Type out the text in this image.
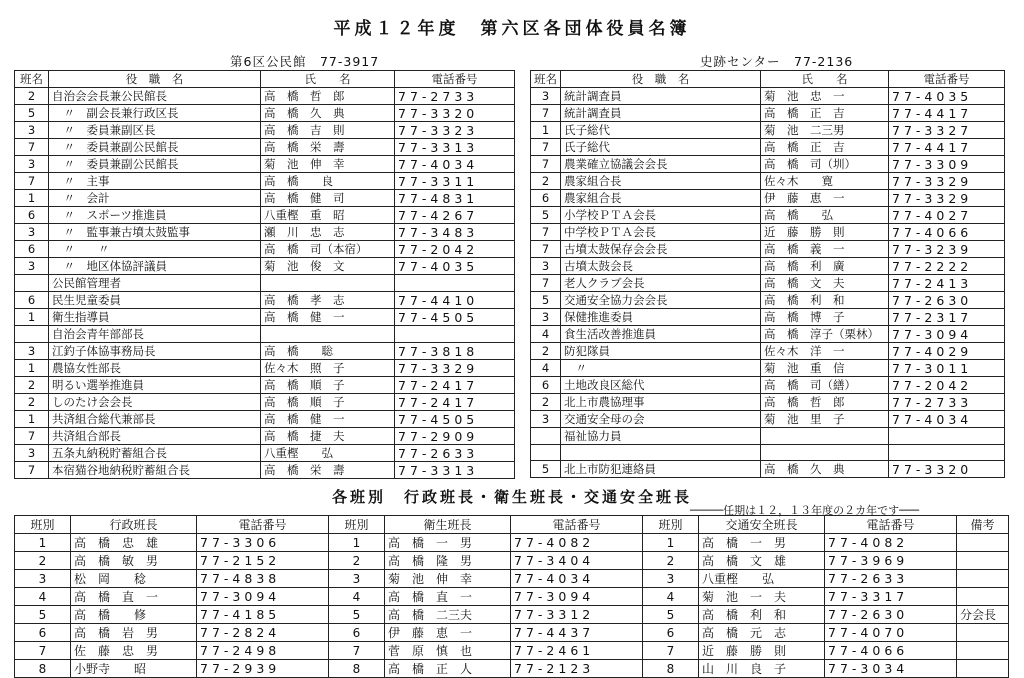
平成１２年度　第六区各団体役員名簿
第6区公民館　77-3917	史跡センター　77-2136
班名	役　職　名	氏　　名	電話番号
2	自治会会長兼公民館長	高　橋　哲　郎	77-2733
5	　〃　副会長兼行政区長	高　橋　久　典	77-3320
3	　〃　委員兼副区長	高　橋　吉　則	77-3323
7	　〃　委員兼副公民館長	高　橋　栄　壽	77-3313
3	　〃　委員兼副公民館長	菊　池　伸　幸	77-4034
7	　〃　主事	高　橋　　良	77-3311
1	　〃　会計	高　橋　健　司	77-4831
6	　〃　スポーツ推進員	八重樫　重　昭	77-4267
3	　〃　監事兼古墳太鼓監事	瀬　川　忠　志	77-3483
6	　〃　　〃	高　橋　司（本宿）	77-2042
3	　〃　地区体協評議員	菊　池　俊　文	77-4035
	公民館管理者		
6	民生児童委員	高　橋　孝　志	77-4410
1	衛生指導員	高　橋　健　一	77-4505
	自治会青年部部長		
3	江釣子体協事務局長	高　橋　　聡	77-3818
1	農協女性部長	佐々木　照　子	77-3329
2	明るい選挙推進員	高　橋　順　子	77-2417
2	しのたけ会会長	高　橋　順　子	77-2417
1	共済組合総代兼部長	高　橋　健　一	77-4505
7	共済組合部長	高　橋　捷　夫	77-2909
3	五条丸納税貯蓄組合長	八重樫　　弘	77-2633
7	本宿猫谷地納税貯蓄組合長	高　橋　栄　壽	77-3313
班名	役　職　名	氏　　名	電話番号
3	統計調査員	菊　池　忠　一	77-4035
7	統計調査員	高　橋　正　吉	77-4417
1	氏子総代	菊　池　二三男	77-3327
7	氏子総代	高　橋　正　吉	77-4417
7	農業確立協議会会長	高　橋　司（圳）	77-3309
2	農家組合長	佐々木　　寛	77-3329
6	農家組合長	伊　藤　恵　一	77-3329
5	小学校ＰＴＡ会長	高　橋　　弘	77-4027
7	中学校ＰＴＡ会長	近　藤　勝　則	77-4066
7	古墳太鼓保存会会長	高　橋　義　一	77-3239
3	古墳太鼓会長	高　橋　利　廣	77-2222
7	老人クラブ会長	高　橋　文　夫	77-2413
5	交通安全協力会会長	高　橋　利　和	77-2630
3	保健推進委員	高　橋　博　子	77-2317
4	食生活改善推進員	高　橋　淳子（栗林）	77-3094
2	防犯隊員	佐々木　洋　一	77-4029
4	　〃	菊　池　重　信	77-3011
6	土地改良区総代	高　橋　司（繕）	77-2042
2	北上市農協理事	高　橋　哲　郎	77-2733
3	交通安全母の会	菊　池　里　子	77-4034
	福祉協力員		

5	北上市防犯連絡員	高　橋　久　典	77-3320
各班別　行政班長・衛生班長・交通安全班長
─────任期は１２，１３年度の２カ年です───
班別	行政班長	電話番号	班別	衛生班長	電話番号	班別	交通安全班長	電話番号	備考
1	高　橋　忠　雄	77-3306	1	高　橋　一　男	77-4082	1	高　橋　一　男	77-4082	
2	高　橋　敏　男	77-2152	2	高　橋　隆　男	77-3404	2	高　橋　文　雄	77-3969	
3	松　岡　　稔	77-4838	3	菊　池　伸　幸	77-4034	3	八重樫　　弘	77-2633	
4	高　橋　直　一	77-3094	4	高　橋　直　一	77-3094	4	菊　池　一　夫	77-3317	
5	高　橋　　修	77-4185	5	高　橋　二三夫	77-3312	5	高　橋　利　和	77-2630	分会長
6	高　橋　岩　男	77-2824	6	伊　藤　恵　一	77-4437	6	高　橋　元　志	77-4070	
7	佐　藤　忠　男	77-2498	7	菅　原　慎　也	77-2461	7	近　藤　勝　則	77-4066	
8	小野寺　　昭	77-2939	8	高　橋　正　人	77-2123	8	山　川　良　子	77-3034	
